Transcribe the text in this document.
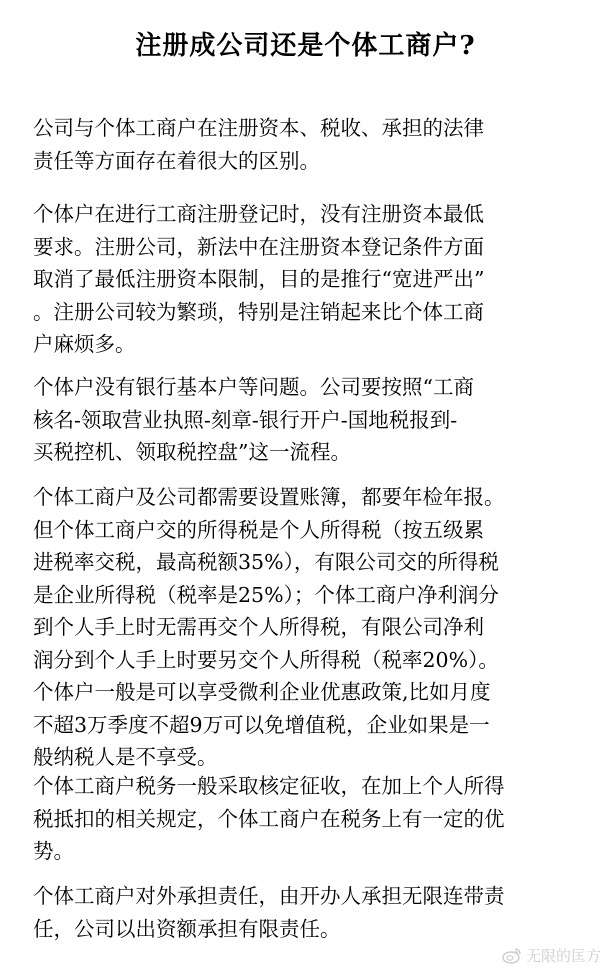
注册成公司还是个体工商户?

公司与个体工商户在注册资本、税收、承担的法律
责任等方面存在着很大的区别。

个体户在进行工商注册登记时，没有注册资本最低
要求。注册公司，新法中在注册资本登记条件方面
取消了最低注册资本限制，目的是推行“宽进严出”
。注册公司较为繁琐，特别是注销起来比个体工商
户麻烦多。

个体户没有银行基本户等问题。公司要按照“工商
核名-领取营业执照-刻章-银行开户-国地税报到-
买税控机、领取税控盘”这一流程。

个体工商户及公司都需要设置账簿，都要年检年报。
但个体工商户交的所得税是个人所得税（按五级累
进税率交税，最高税额35%），有限公司交的所得税
是企业所得税（税率是25%）；个体工商户净利润分
到个人手上时无需再交个人所得税，有限公司净利
润分到个人手上时要另交个人所得税（税率20%）。
个体户一般是可以享受微利企业优惠政策,比如月度
不超3万季度不超9万可以免增值税，企业如果是一
般纳税人是不享受。

个体工商户税务一般采取核定征收，在加上个人所得
税抵扣的相关规定，个体工商户在税务上有一定的优
势。

个体工商户对外承担责任，由开办人承担无限连带责
任，公司以出资额承担有限责任。

无限的匡方
